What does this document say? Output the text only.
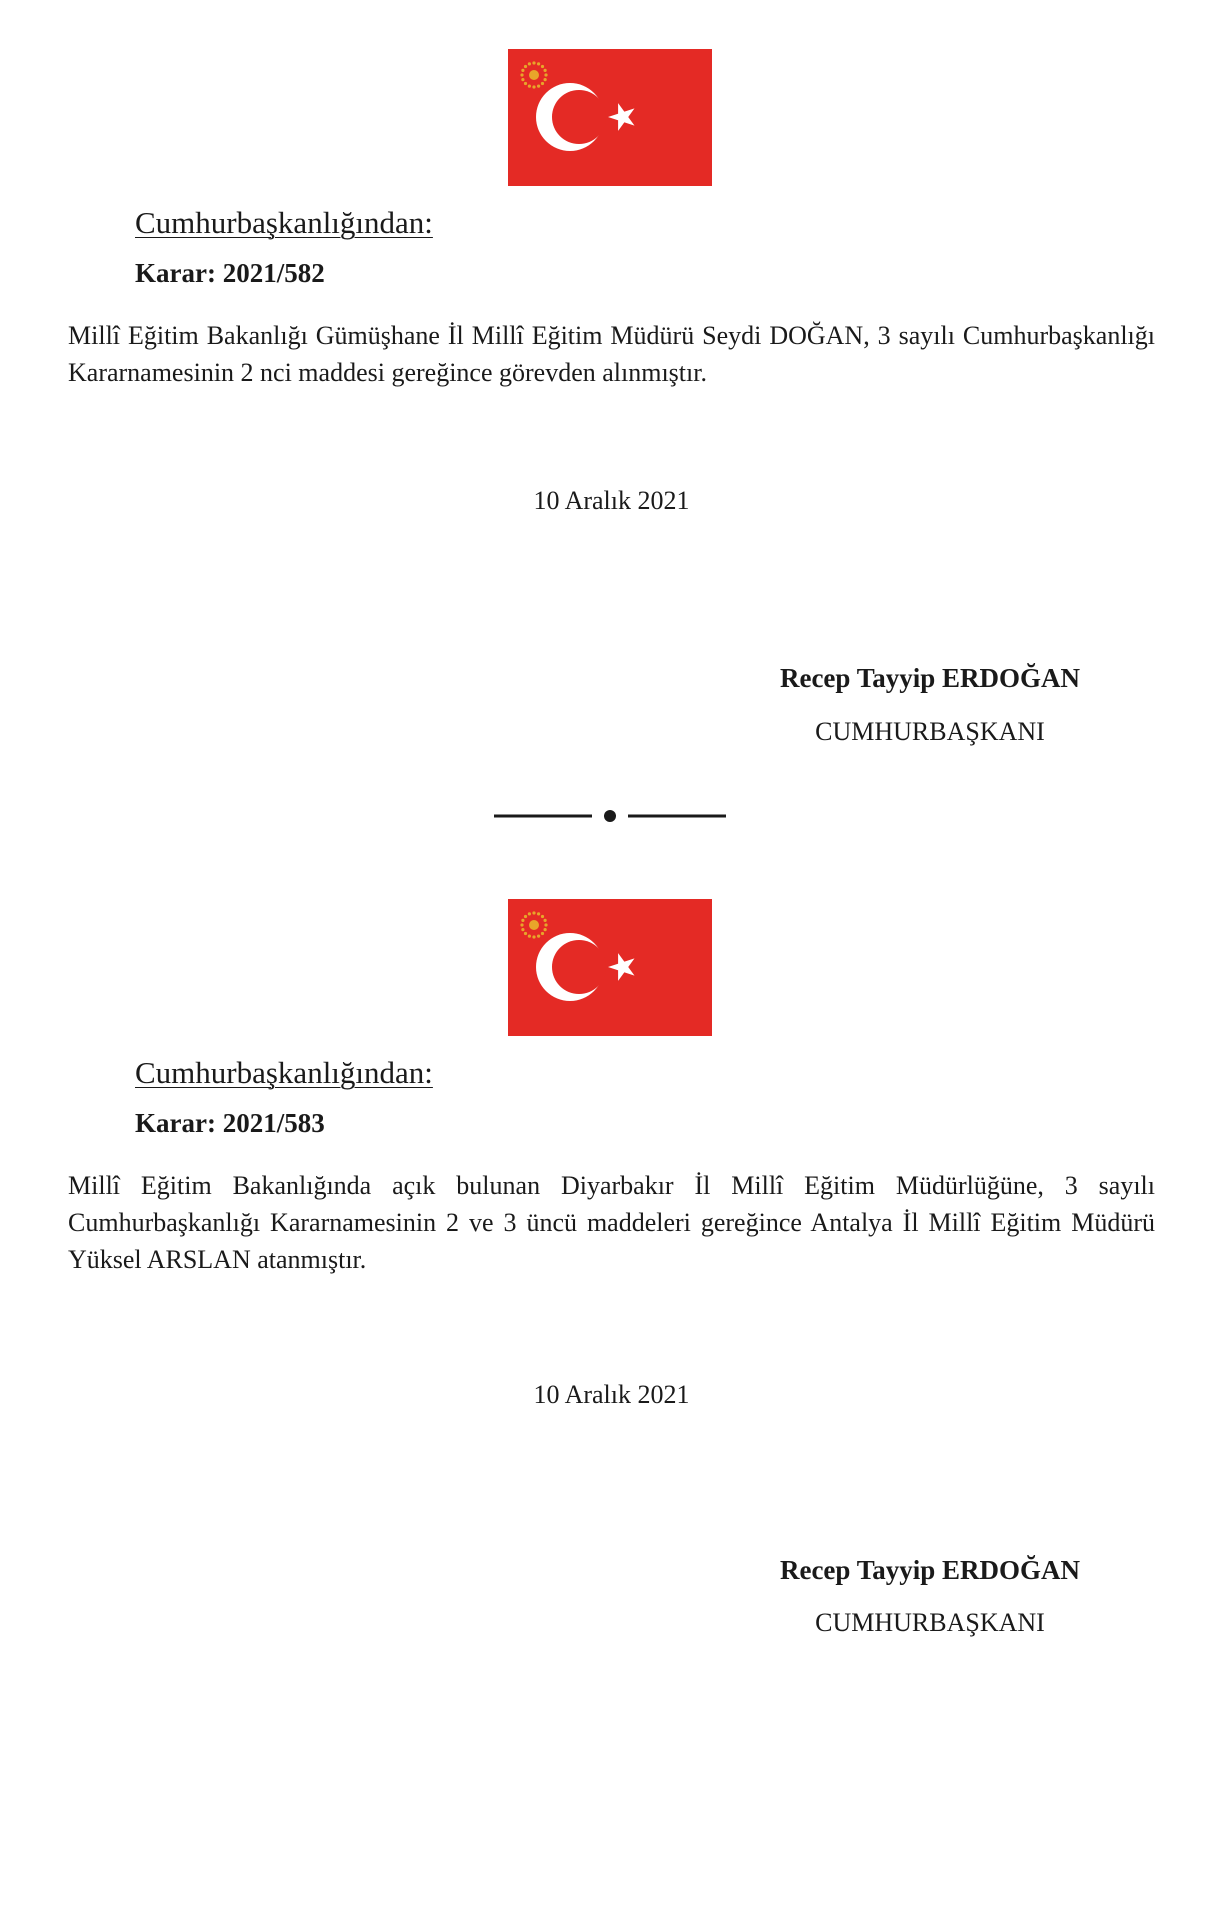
Cumhurbaşkanlığından:
Karar: 2021/582

Millî Eğitim Bakanlığı Gümüşhane İl Millî Eğitim Müdürü Seydi DOĞAN, 3 sayılı Cumhurbaşkanlığı Kararnamesinin 2 nci maddesi gereğince görevden alınmıştır.

10 Aralık 2021
Recep Tayyip ERDOĞAN
CUMHURBAŞKANI
Cumhurbaşkanlığından:
Karar: 2021/583

Millî Eğitim Bakanlığında açık bulunan Diyarbakır İl Millî Eğitim Müdürlüğüne, 3 sayılı Cumhurbaşkanlığı Kararnamesinin 2 ve 3 üncü maddeleri gereğince Antalya İl Millî Eğitim Müdürü Yüksel ARSLAN atanmıştır.

10 Aralık 2021
Recep Tayyip ERDOĞAN
CUMHURBAŞKANI
